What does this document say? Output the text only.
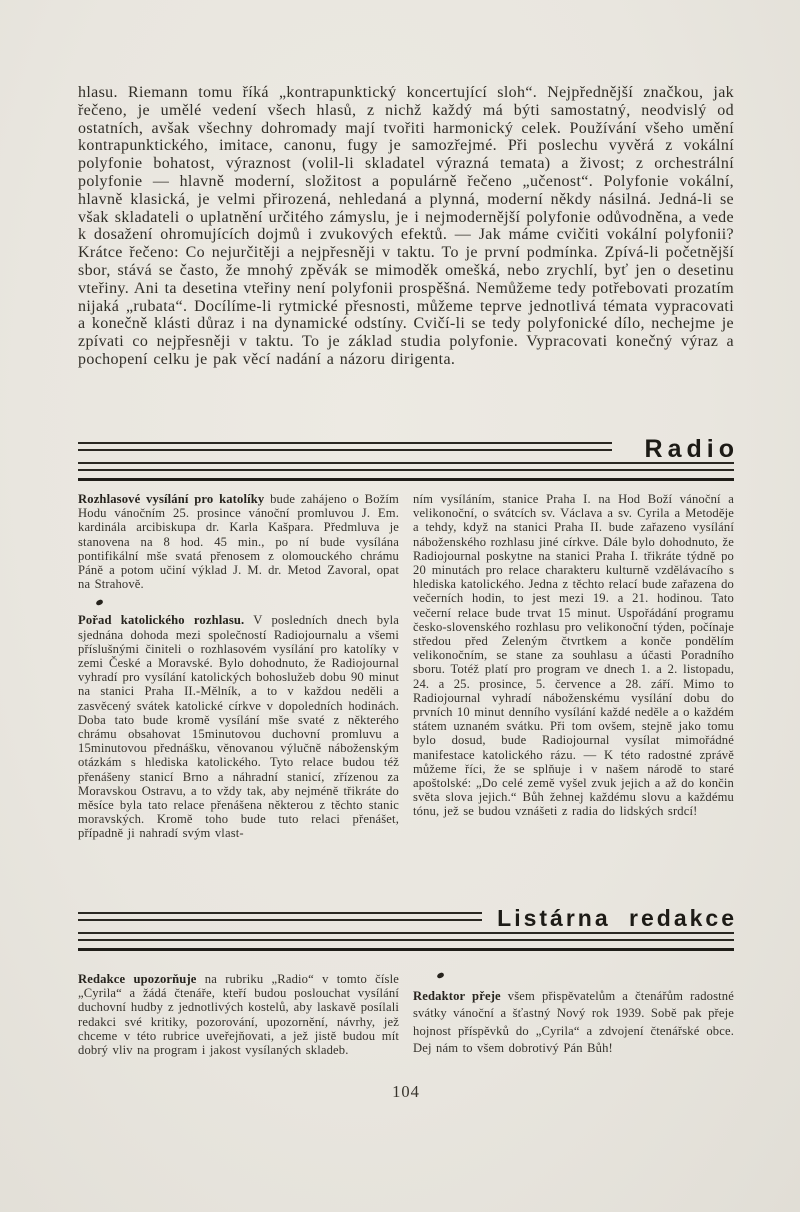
hlasu. Riemann tomu říká „kontrapunktický koncertující sloh“. Nejpřednější značkou, jak řečeno, je umělé vedení všech hlasů, z nichž každý má býti samostatný, neodvislý od ostatních, avšak všechny dohromady mají tvořiti harmonický celek. Používání všeho umění kontrapunktického, imitace, canonu, fugy je samozřejmé. Při poslechu vyvěrá z vokální polyfonie bohatost, výraznost (volil-li skladatel výrazná temata) a živost; z orchestrální polyfonie — hlavně moderní, složitost a populárně řečeno „učenost“. Polyfonie vokální, hlavně klasická, je velmi přirozená, nehledaná a plynná, moderní někdy násilná. Jedná-li se však skladateli o uplatnění určitého zámyslu, je i nejmodernější polyfonie odůvodněna, a vede k dosažení ohromujících dojmů i zvukových efektů. — Jak máme cvičiti vokální polyfonii? Krátce řečeno: Co nejurčitěji a nejpřesněji v taktu. To je první podmínka. Zpívá-li početnější sbor, stává se často, že mnohý zpěvák se mimoděk omešká, nebo zrychlí, byť jen o desetinu vteřiny. Ani ta desetina vteřiny není polyfonii prospěšná. Nemůžeme tedy potřebovati prozatím nijaká „rubata“. Docílíme-li rytmické přesnosti, můžeme teprve jednotlivá témata vypracovati a konečně klásti důraz i na dynamické odstíny. Cvičí-li se tedy polyfonické dílo, nechejme je zpívati co nejpřesněji v taktu. To je základ studia polyfonie. Vypracovati konečný výraz a pochopení celku je pak věcí nadání a názoru dirigenta.

Radio

Rozhlasové vysílání pro katolíky bude zahájeno o Božím Hodu vánočním 25. prosince vánoční promluvou J. Em. kardinála arcibiskupa dr. Karla Kašpara. Předmluva je stanovena na 8 hod. 45 min., po ní bude vysílána pontifikální mše svatá přenosem z olomouckého chrámu Páně a potom učiní výklad J. M. dr. Metod Zavoral, opat na Strahově.

Pořad katolického rozhlasu. V posledních dnech byla sjednána dohoda mezi společností Radiojournalu a všemi příslušnými činiteli o rozhlasovém vysílání pro katolíky v zemi České a Moravské. Bylo dohodnuto, že Radiojournal vyhradí pro vysílání katolických bohoslužeb dobu 90 minut na stanici Praha II.-Mělník, a to v každou neděli a zasvěcený svátek katolické církve v dopoledních hodinách. Doba tato bude kromě vysílání mše svaté z některého chrámu obsahovat 15minutovou duchovní promluvu a 15minutovou přednášku, věnovanou výlučně náboženským otázkám s hlediska katolického. Tyto relace budou též přenášeny stanicí Brno a náhradní stanicí, zřízenou za Moravskou Ostravu, a to vždy tak, aby nejméně třikráte do měsíce byla tato relace přenášena některou z těchto stanic moravských. Kromě toho bude tuto relaci přenášet, případně ji nahradí svým vlast-

ním vysíláním, stanice Praha I. na Hod Boží vánoční a velikonoční, o svátcích sv. Václava a sv. Cyrila a Metoděje a tehdy, když na stanici Praha II. bude zařazeno vysílání náboženského rozhlasu jiné církve. Dále bylo dohodnuto, že Radiojournal poskytne na stanici Praha I. třikráte týdně po 20 minutách pro relace charakteru kulturně vzdělávacího s hlediska katolického. Jedna z těchto relací bude zařazena do večerních hodin, to jest mezi 19. a 21. hodinou. Tato večerní relace bude trvat 15 minut. Uspořádání programu česko-slovenského rozhlasu pro velikonoční týden, počínaje středou před Zeleným čtvrtkem a konče pondělím velikonočním, se stane za souhlasu a účasti Poradního sboru. Totéž platí pro program ve dnech 1. a 2. listopadu, 24. a 25. prosince, 5. července a 28. září. Mimo to Radiojournal vyhradí náboženskému vysílání dobu do prvních 10 minut denního vysílání každé neděle a o každém státem uznaném svátku. Při tom ovšem, stejně jako tomu bylo dosud, bude Radiojournal vysílat mimořádné manifestace katolického rázu. — K této radostné zprávě můžeme říci, že se splňuje i v našem národě to staré apoštolské: „Do celé země vyšel zvuk jejich a až do končin světa slova jejich.“ Bůh žehnej každému slovu a každému tónu, jež se budou vznášeti z radia do lidských srdcí!

Listárna redakce

Redakce upozorňuje na rubriku „Radio“ v tomto čísle „Cyrila“ a žádá čtenáře, kteří budou poslouchat vysílání duchovní hudby z jednotlivých kostelů, aby laskavě posílali redakci své kritiky, pozorování, upozornění, návrhy, jež chceme v této rubrice uveřejňovati, a jež jistě budou mít dobrý vliv na program i jakost vysílaných skladeb.

Redaktor přeje všem přispěvatelům a čtenářům radostné svátky vánoční a šťastný Nový rok 1939. Sobě pak přeje hojnost příspěvků do „Cyrila“ a zdvojení čtenářské obce. Dej nám to všem dobrotivý Pán Bůh!

104
